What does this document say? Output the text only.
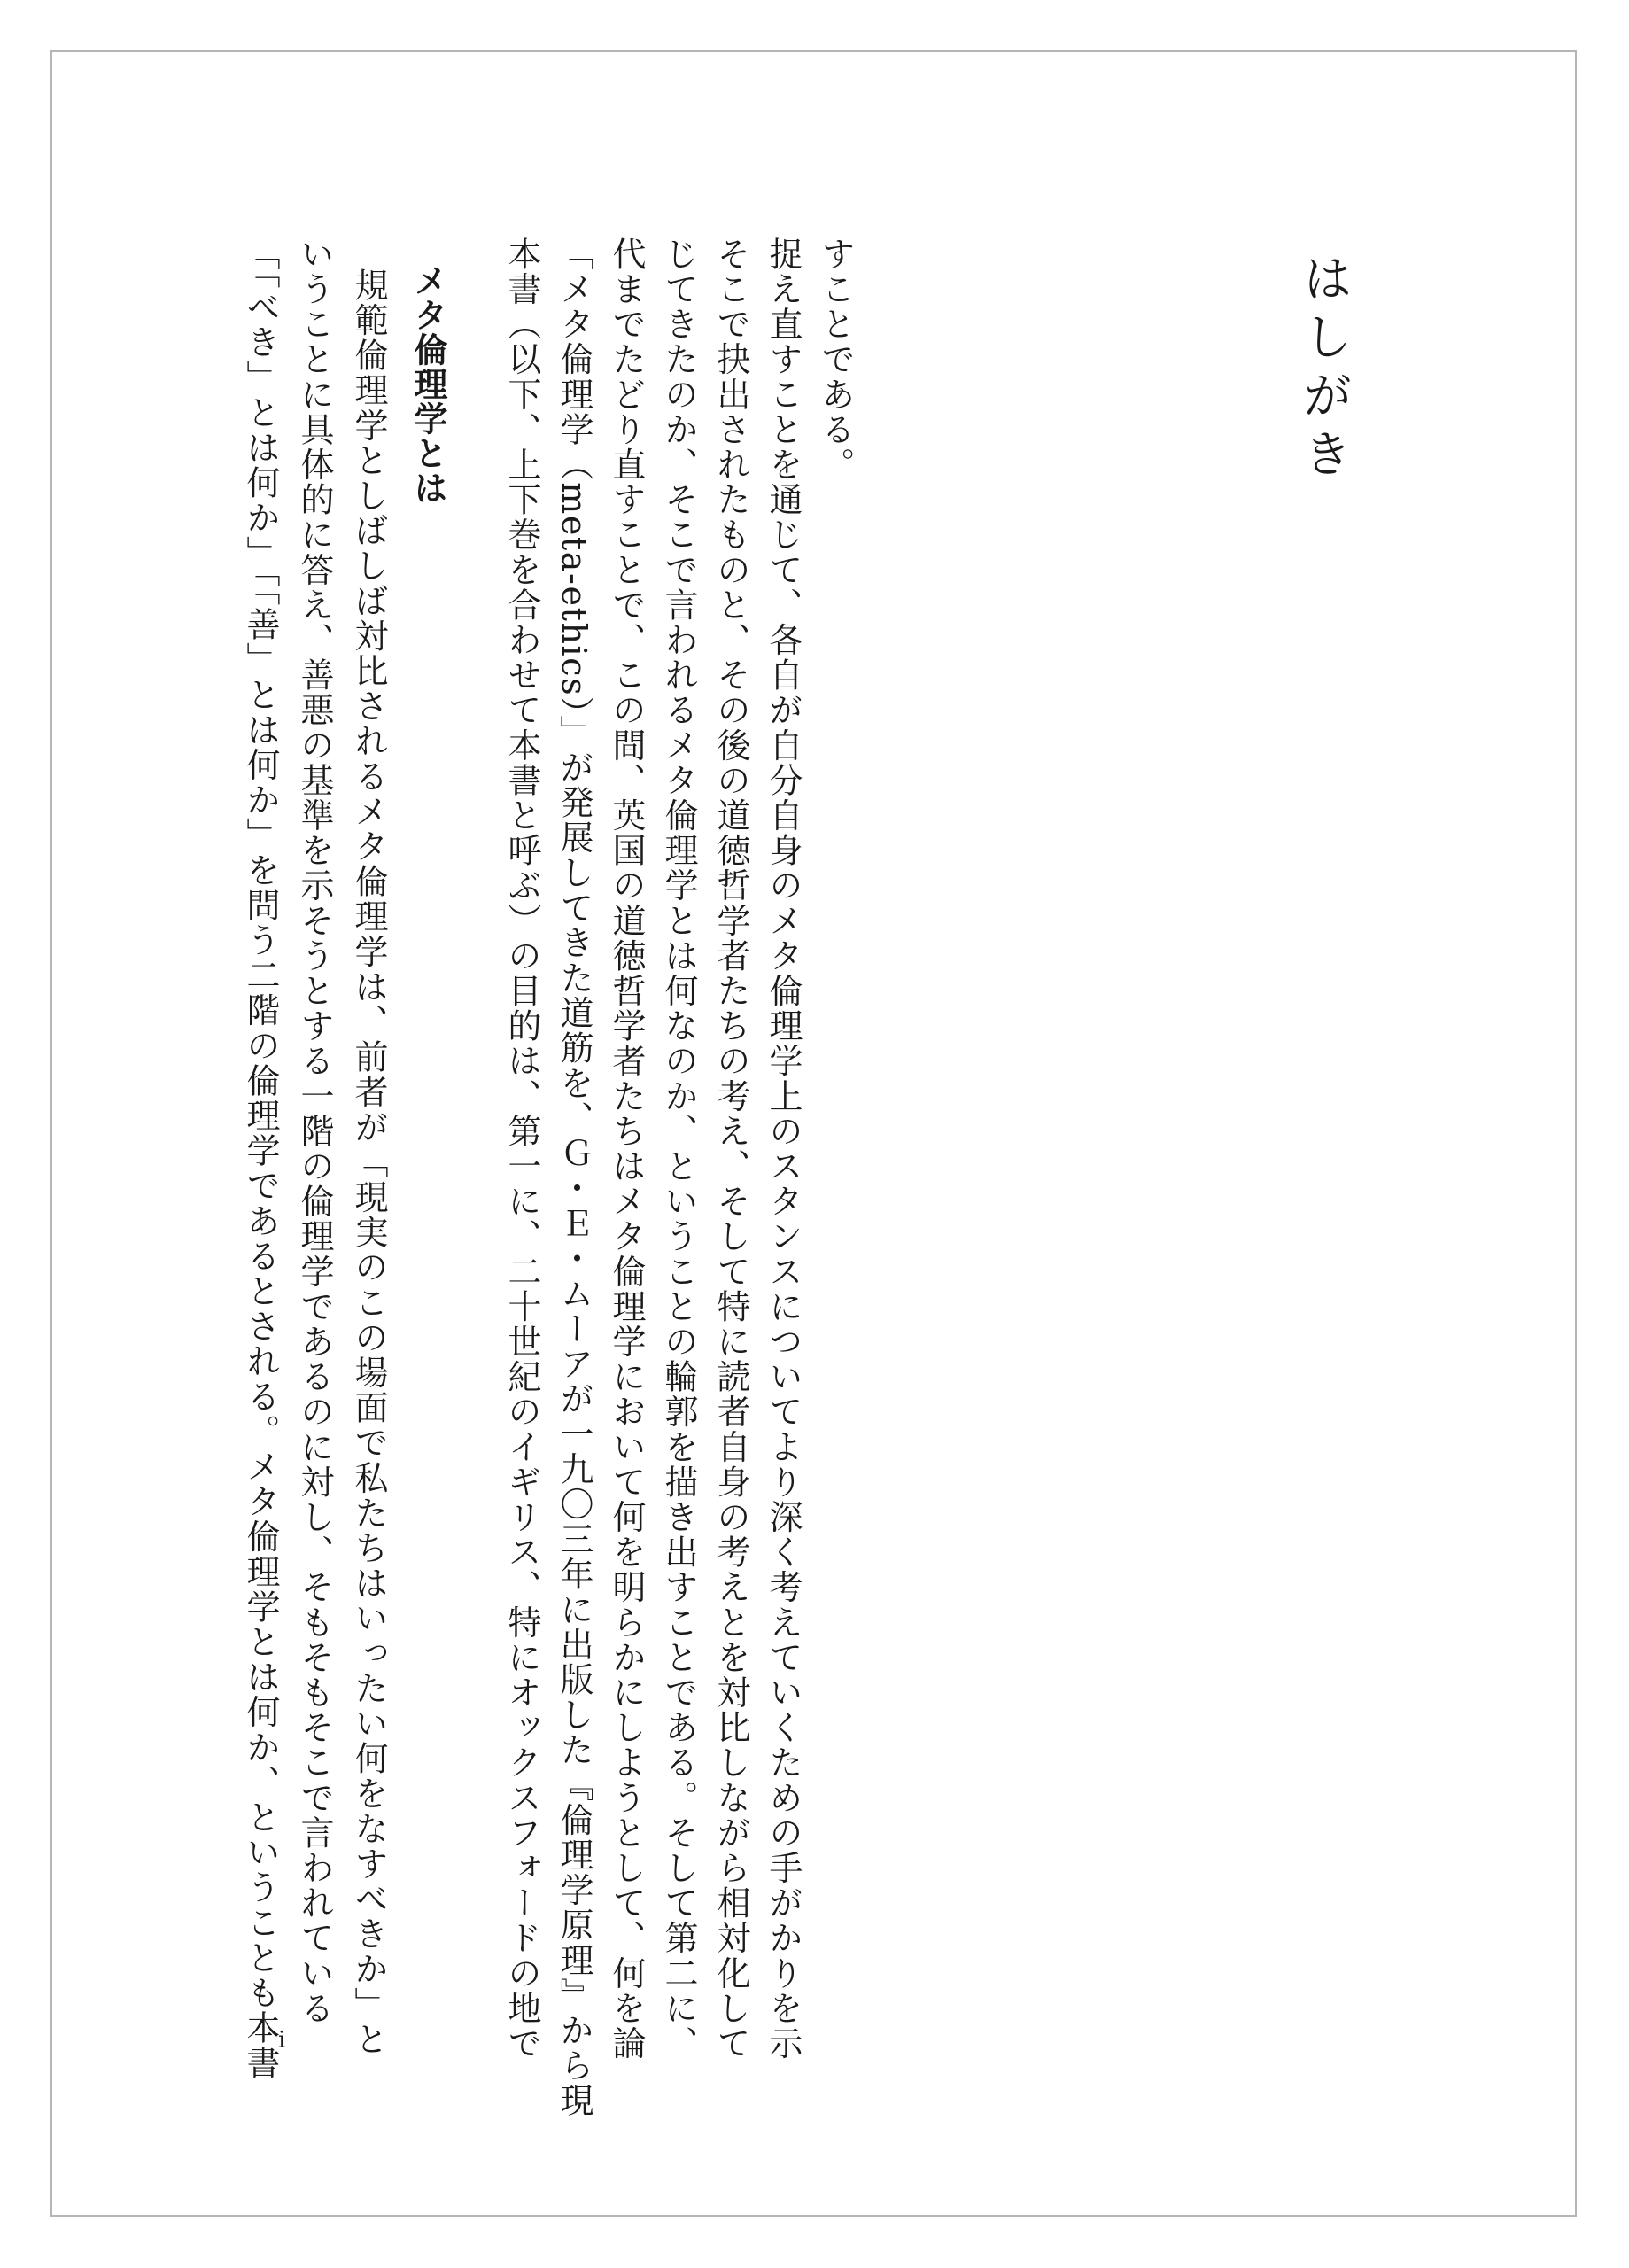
はしがき

本書（以下、上下巻を合わせて本書と呼ぶ）の目的は、第一に、二十世紀のイギリス、特にオックスフォードの地で 「メタ倫理学（meta-ethics）」が発展してきた道筋を、Ｇ・Ｅ・ムーアが一九〇三年に出版した『倫理学原理』から現 代までたどり直すことで、この間、英国の道徳哲学者たちはメタ倫理学において何を明らかにしようとして、何を論 じてきたのか、そこで言われるメタ倫理学とは何なのか、ということの輪郭を描き出すことである。そして第二に、 そこで抉出されたものと、その後の道徳哲学者たちの考え、そして特に読者自身の考えとを対比しながら相対化して 捉え直すことを通じて、各自が自分自身のメタ倫理学上のスタンスについてより深く考えていくための手がかりを示 すことである。

メタ倫理学とは

規範倫理学としばしば対比されるメタ倫理学は、前者が「現実のこの場面で私たちはいったい何をなすべきか」と

いうことに具体的に答え、善悪の基準を示そうとする一階の倫理学であるのに対し、そもそもそこで言われている

「「べき」とは何か」「「善」とは何か」を問う二階の倫理学であるとされる。メタ倫理学とは何か、ということも本書

i
